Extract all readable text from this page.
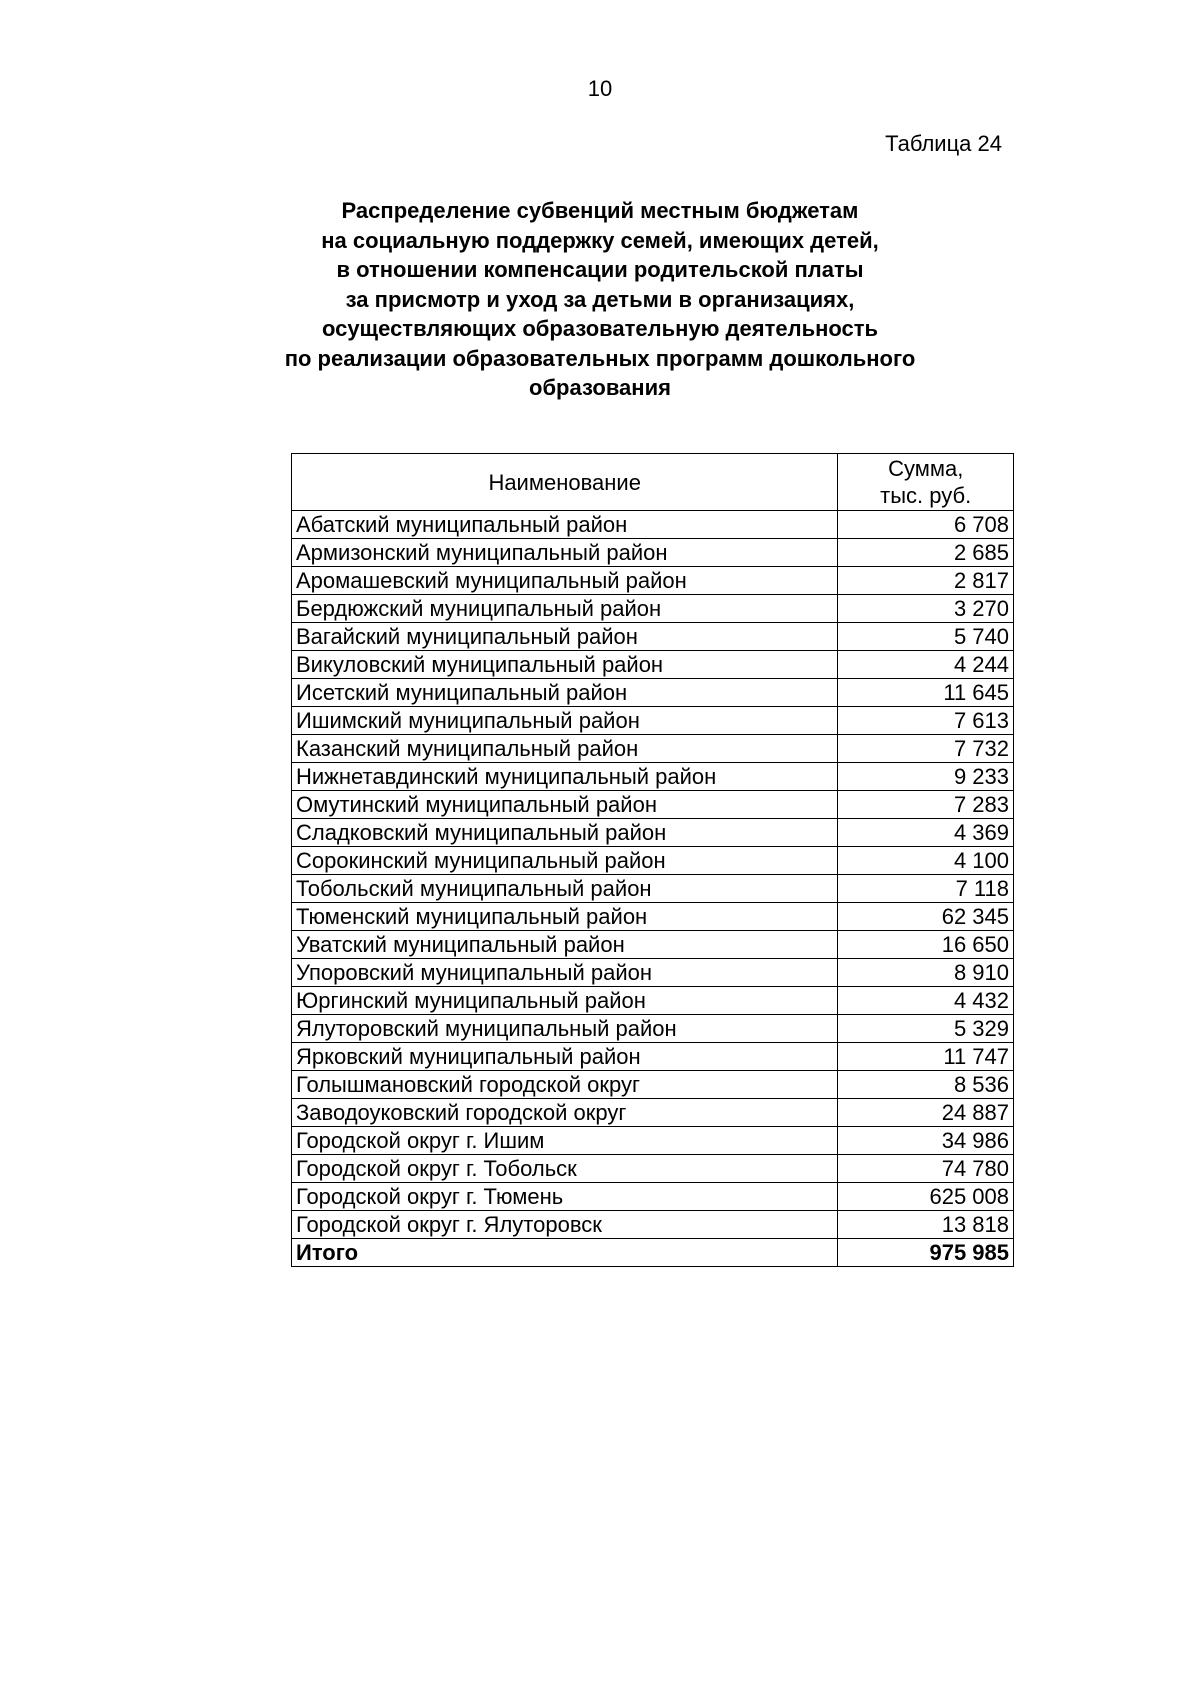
10
Таблица 24
Распределение субвенций местным бюджетам
на социальную поддержку семей, имеющих детей,
в отношении компенсации родительской платы
за присмотр и уход за детьми в организациях,
осуществляющих образовательную деятельность
по реализации образовательных программ дошкольного
образования
Наименование	Сумма,
тыс. руб.

Абатский муниципальный район	6 708
Армизонский муниципальный район	2 685
Аромашевский муниципальный район	2 817
Бердюжский муниципальный район	3 270
Вагайский муниципальный район	5 740
Викуловский муниципальный район	4 244
Исетский муниципальный район	11 645
Ишимский муниципальный район	7 613
Казанский муниципальный район	7 732
Нижнетавдинский муниципальный район	9 233
Омутинский муниципальный район	7 283
Сладковский муниципальный район	4 369
Сорокинский муниципальный район	4 100
Тобольский муниципальный район	7 118
Тюменский муниципальный район	62 345
Уватский муниципальный район	16 650
Упоровский муниципальный район	8 910
Юргинский муниципальный район	4 432
Ялуторовский муниципальный район	5 329
Ярковский муниципальный район	11 747
Голышмановский городской округ	8 536
Заводоуковский городской округ	24 887
Городской округ г. Ишим	34 986
Городской округ г. Тобольск	74 780
Городской округ г. Тюмень	625 008
Городской округ г. Ялуторовск	13 818
Итого	975 985
